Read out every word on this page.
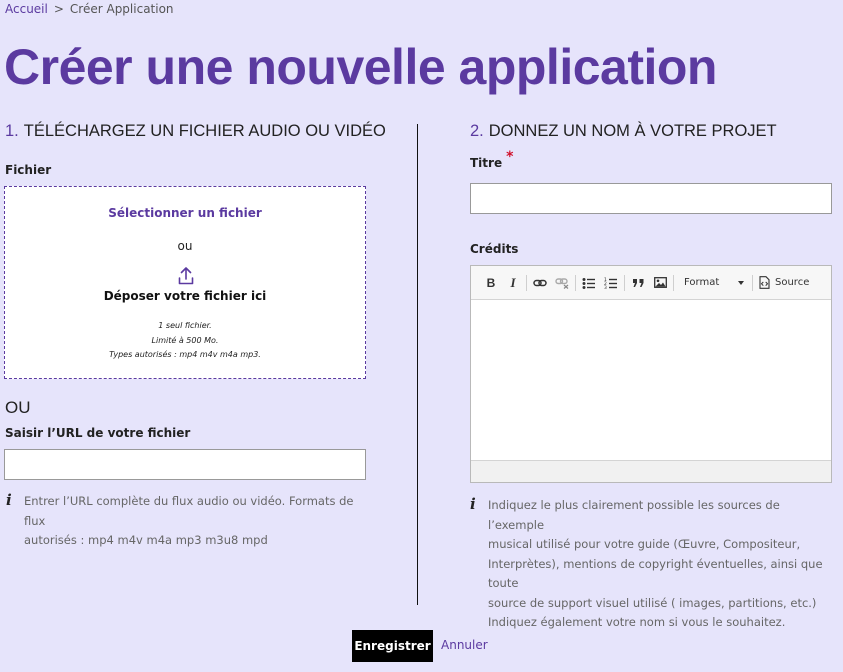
Accueil > Créer Application
Créer une nouvelle application
1. TÉLÉCHARGEZ UN FICHIER AUDIO OU VIDÉO
Fichier
Sélectionner un fichier
ou
Déposer votre fichier ici
1 seul fichier.
Limité à 500 Mo.
Types autorisés : mp4 m4v m4a mp3.
OU
Saisir l’URL de votre fichier
i Entrer l’URL complète du flux audio ou vidéo. Formats de flux
autorisés : mp4 m4v m4a mp3 m3u8 mpd
2. DONNEZ UN NOM À VOTRE PROJET
Titre *
Crédits
B	I	1
2
3	Format	Source
i Indiquez le plus clairement possible les sources de l’exemple
musical utilisé pour votre guide (Œuvre, Compositeur,
Interprètes), mentions de copyright éventuelles, ainsi que toute
source de support visuel utilisé ( images, partitions, etc.)
Indiquez également votre nom si vous le souhaitez.
Enregistrer Annuler
